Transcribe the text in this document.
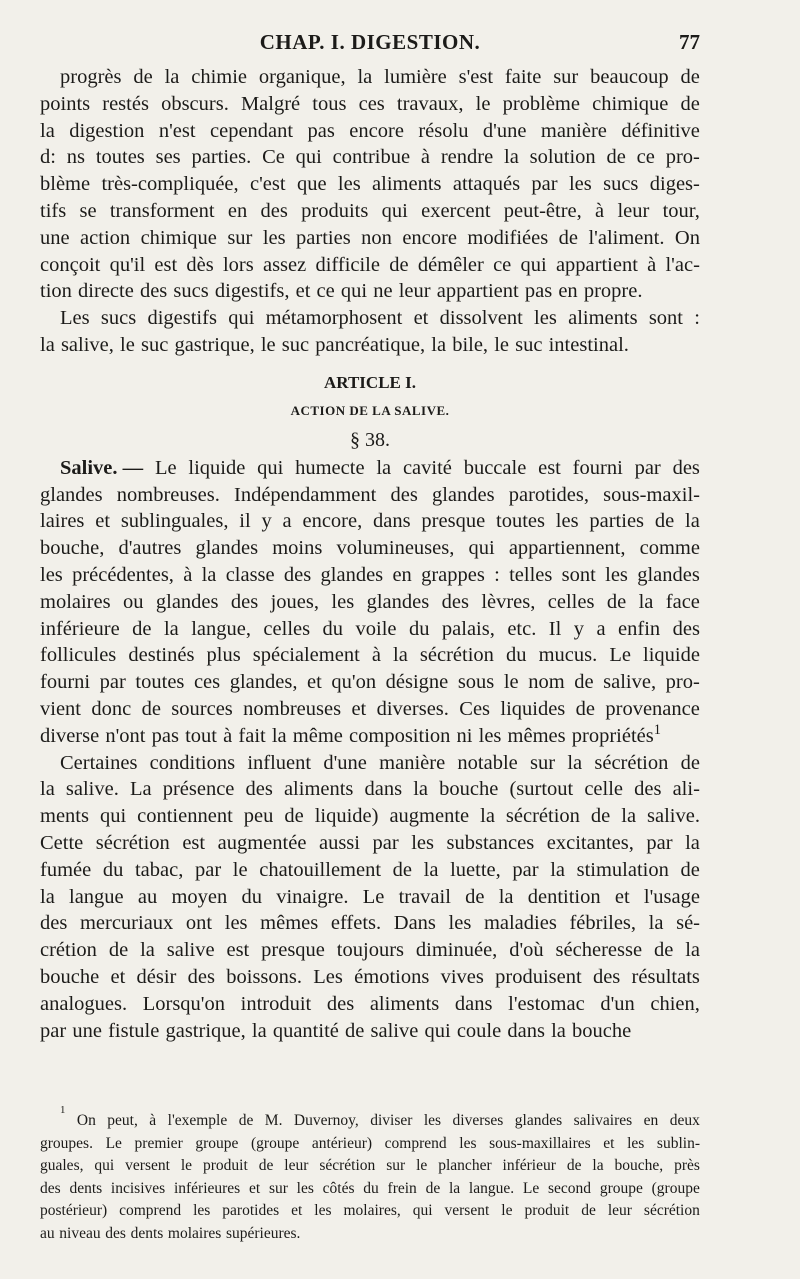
CHAP. I. DIGESTION.	77
progrès de la chimie organique, la lumière s'est faite sur beaucoup de
points restés obscurs. Malgré tous ces travaux, le problème chimique de
la digestion n'est cependant pas encore résolu d'une manière définitive
d: ns toutes ses parties. Ce qui contribue à rendre la solution de ce pro-
blème très-compliquée, c'est que les aliments attaqués par les sucs diges-
tifs se transforment en des produits qui exercent peut-être, à leur tour,
une action chimique sur les parties non encore modifiées de l'aliment. On
conçoit qu'il est dès lors assez difficile de démêler ce qui appartient à l'ac-
tion directe des sucs digestifs, et ce qui ne leur appartient pas en propre.
Les sucs digestifs qui métamorphosent et dissolvent les aliments sont :
la salive, le suc gastrique, le suc pancréatique, la bile, le suc intestinal.
ARTICLE I.
ACTION DE LA SALIVE.
§ 38.
Salive. — Le liquide qui humecte la cavité buccale est fourni par des
glandes nombreuses. Indépendamment des glandes parotides, sous-maxil-
laires et sublinguales, il y a encore, dans presque toutes les parties de la
bouche, d'autres glandes moins volumineuses, qui appartiennent, comme
les précédentes, à la classe des glandes en grappes : telles sont les glandes
molaires ou glandes des joues, les glandes des lèvres, celles de la face
inférieure de la langue, celles du voile du palais, etc. Il y a enfin des
follicules destinés plus spécialement à la sécrétion du mucus. Le liquide
fourni par toutes ces glandes, et qu'on désigne sous le nom de salive, pro-
vient donc de sources nombreuses et diverses. Ces liquides de provenance
diverse n'ont pas tout à fait la même composition ni les mêmes propriétés$^1$
Certaines conditions influent d'une manière notable sur la sécrétion de
la salive. La présence des aliments dans la bouche (surtout celle des ali-
ments qui contiennent peu de liquide) augmente la sécrétion de la salive.
Cette sécrétion est augmentée aussi par les substances excitantes, par la
fumée du tabac, par le chatouillement de la luette, par la stimulation de
la langue au moyen du vinaigre. Le travail de la dentition et l'usage
des mercuriaux ont les mêmes effets. Dans les maladies fébriles, la sé-
crétion de la salive est presque toujours diminuée, d'où sécheresse de la
bouche et désir des boissons. Les émotions vives produisent des résultats
analogues. Lorsqu'on introduit des aliments dans l'estomac d'un chien,
par une fistule gastrique, la quantité de salive qui coule dans la bouche
1
On peut, à l'exemple de M. Duvernoy, diviser les diverses glandes salivaires en deux
groupes. Le premier groupe (groupe antérieur) comprend les sous-maxillaires et les sublin-
guales, qui versent le produit de leur sécrétion sur le plancher inférieur de la bouche, près
des dents incisives inférieures et sur les côtés du frein de la langue. Le second groupe (groupe
postérieur) comprend les parotides et les molaires, qui versent le produit de leur sécrétion
au niveau des dents molaires supérieures.
